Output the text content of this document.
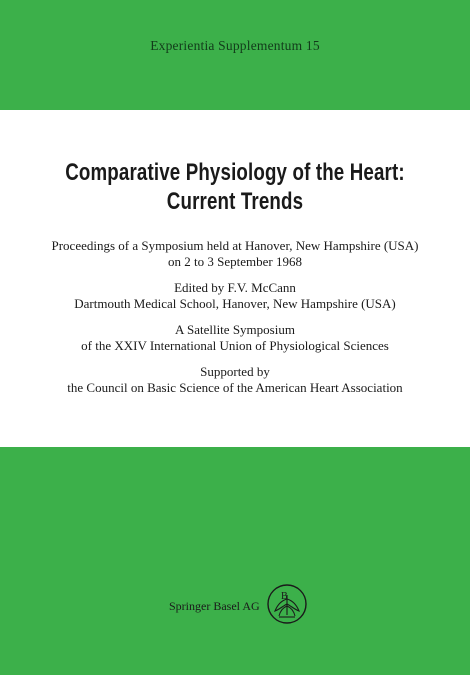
Experientia Supplementum 15
Comparative Physiology of the Heart:
Current Trends

Proceedings of a Symposium held at Hanover, New Hampshire (USA)

on 2 to 3 September 1968

Edited by F.V. McCann

Dartmouth Medical School, Hanover, New Hampshire (USA)

A Satellite Symposium

of the XXIV International Union of Physiological Sciences

Supported by

the Council on Basic Science of the American Heart Association

Springer Basel AG
B
